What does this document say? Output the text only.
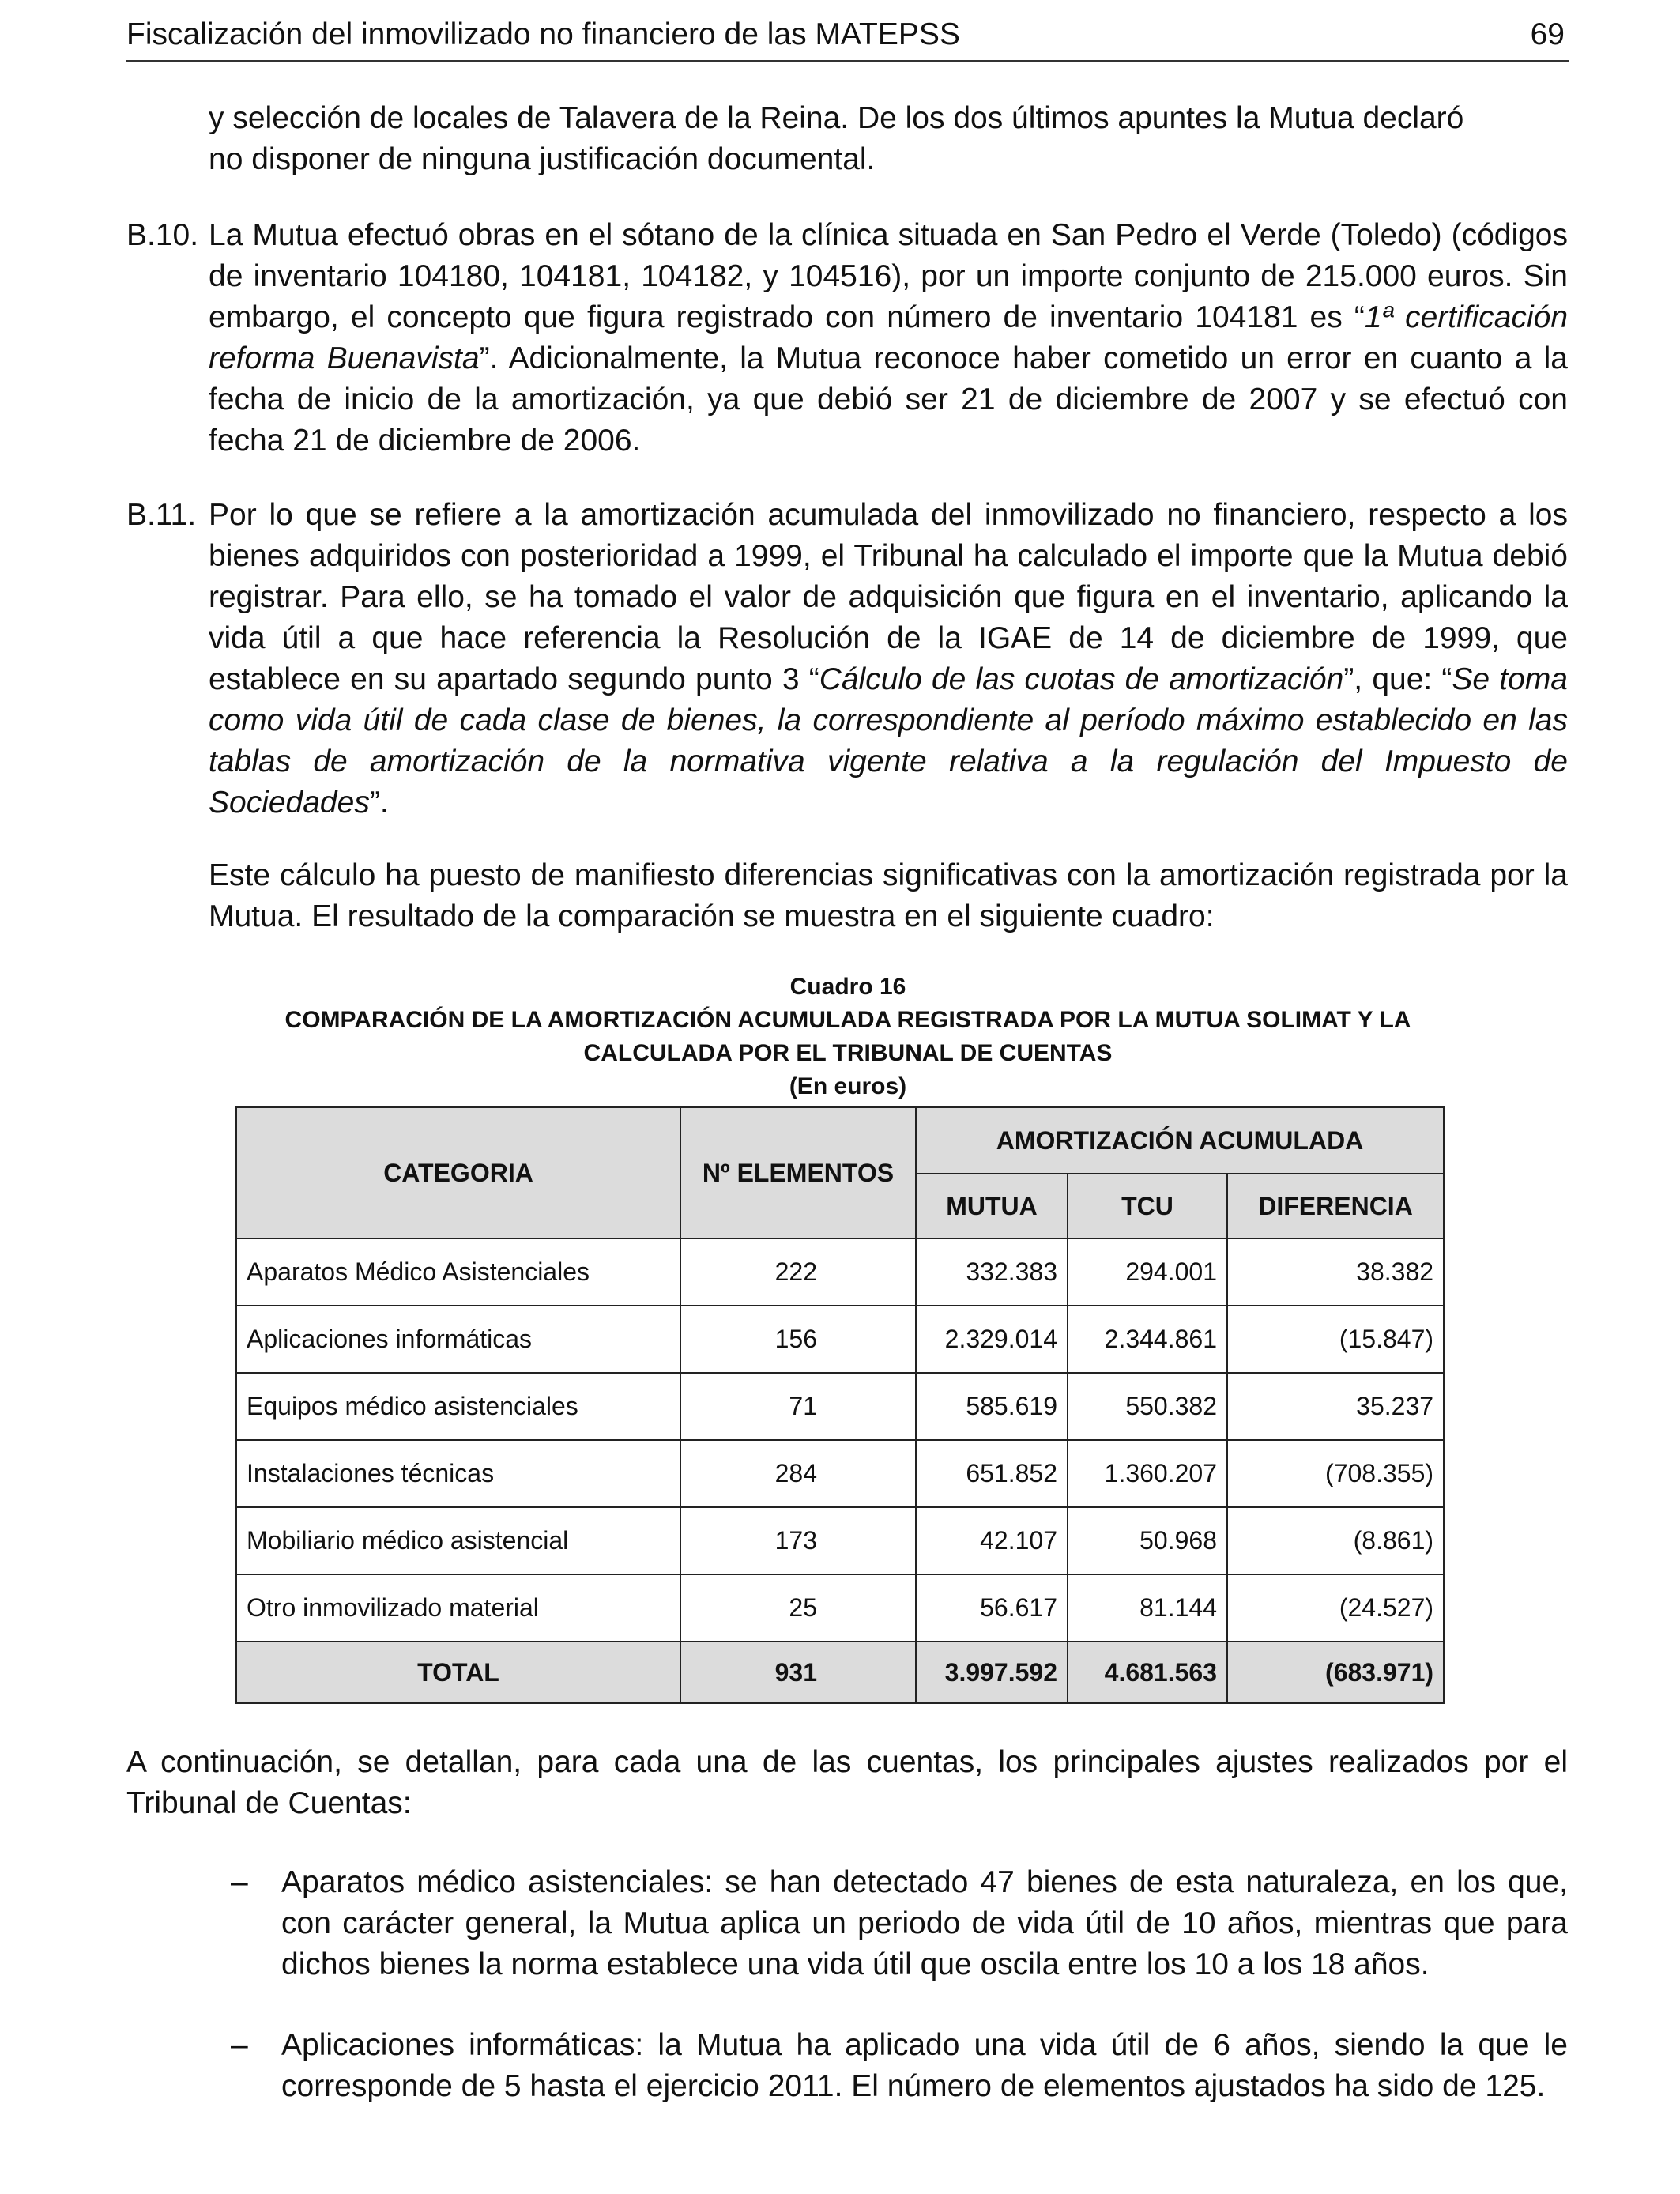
Fiscalización del inmovilizado no financiero de las MATEPSS	69
y selección de locales de Talavera de la Reina. De los dos últimos apuntes la Mutua declaró
no disponer de ninguna justificación documental.
B.10. La Mutua efectuó obras en el sótano de la clínica situada en San Pedro el Verde (Toledo) (códigos de inventario 104180, 104181, 104182, y 104516), por un importe conjunto de 215.000 euros. Sin embargo, el concepto que figura registrado con número de inventario 104181 es “1ª certificación reforma Buenavista”. Adicionalmente, la Mutua reconoce haber cometido un error en cuanto a la fecha de inicio de la amortización, ya que debió ser 21 de diciembre de 2007 y se efectuó con fecha 21 de diciembre de 2006.
B.11. Por lo que se refiere a la amortización acumulada del inmovilizado no financiero, respecto a los bienes adquiridos con posterioridad a 1999, el Tribunal ha calculado el importe que la Mutua debió registrar. Para ello, se ha tomado el valor de adquisición que figura en el inventario, aplicando la vida útil a que hace referencia la Resolución de la IGAE de 14 de diciembre de 1999, que establece en su apartado segundo punto 3 “Cálculo de las cuotas de amortización”, que: “Se toma como vida útil de cada clase de bienes, la correspondiente al período máximo establecido en las tablas de amortización de la normativa vigente relativa a la regulación del Impuesto de Sociedades”.
Este cálculo ha puesto de manifiesto diferencias significativas con la amortización registrada por la Mutua. El resultado de la comparación se muestra en el siguiente cuadro:
Cuadro 16
COMPARACIÓN DE LA AMORTIZACIÓN ACUMULADA REGISTRADA POR LA MUTUA SOLIMAT Y LA
CALCULADA POR EL TRIBUNAL DE CUENTAS
(En euros)
CATEGORIA	Nº ELEMENTOS	AMORTIZACIÓN ACUMULADA		
		MUTUA	TCU	DIFERENCIA
Aparatos Médico Asistenciales	222	332.383	294.001	38.382
Aplicaciones informáticas	156	2.329.014	2.344.861	(15.847)
Equipos médico asistenciales	71	585.619	550.382	35.237
Instalaciones técnicas	284	651.852	1.360.207	(708.355)
Mobiliario médico asistencial	173	42.107	50.968	(8.861)
Otro inmovilizado material	25	56.617	81.144	(24.527)
TOTAL	931	3.997.592	4.681.563	(683.971)
A continuación, se detallan, para cada una de las cuentas, los principales ajustes realizados por el Tribunal de Cuentas:
– Aparatos médico asistenciales: se han detectado 47 bienes de esta naturaleza, en los que, con carácter general, la Mutua aplica un periodo de vida útil de 10 años, mientras que para dichos bienes la norma establece una vida útil que oscila entre los 10 a los 18 años.
– Aplicaciones informáticas: la Mutua ha aplicado una vida útil de 6 años, siendo la que le corresponde de 5 hasta el ejercicio 2011. El número de elementos ajustados ha sido de 125.
